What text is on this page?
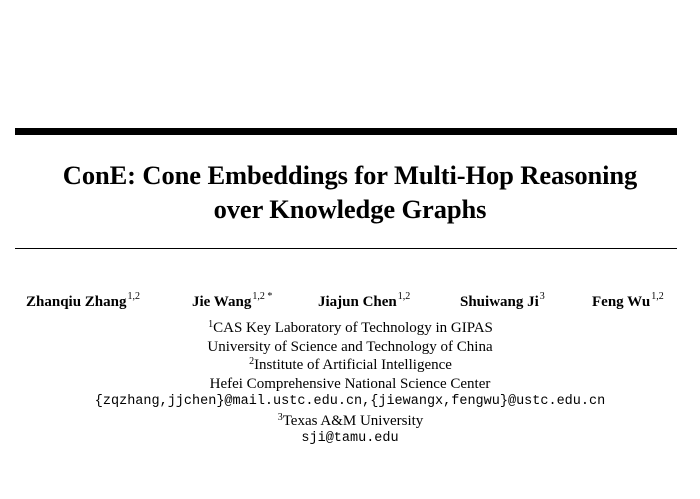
ConE: Cone Embeddings for Multi-Hop Reasoning
over Knowledge Graphs
Zhanqiu Zhang$^{1,2}$	Jie Wang$^{1,2 *}$	Jiajun Chen$^{1,2}$	Shuiwang Ji$^3$	Feng Wu$^{1,2}$
$^1$CAS Key Laboratory of Technology in GIPAS
University of Science and Technology of China
$^2$Institute of Artificial Intelligence
Hefei Comprehensive National Science Center
{zqzhang,jjchen}@mail.ustc.edu.cn,{jiewangx,fengwu}@ustc.edu.cn
$^3$Texas A&M University
sji@tamu.edu
